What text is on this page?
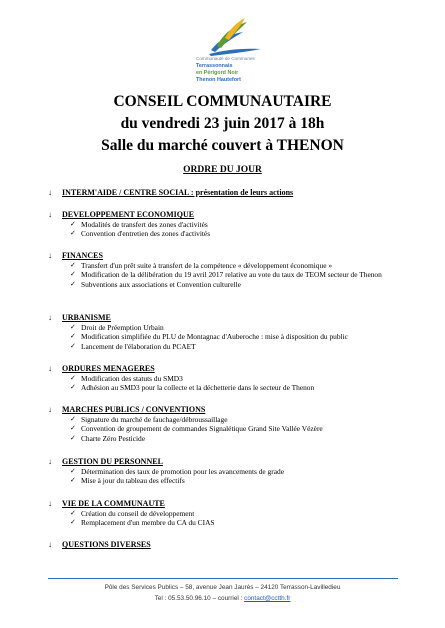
Communauté de Communes
Terrassonnais
en Périgord Noir
Thenon Hautefort
CONSEIL COMMUNAUTAIRE
du vendredi 23 juin 2017 à 18h
Salle du marché couvert à THENON
ORDRE DU JOUR
↓ INTERM'AIDE / CENTRE SOCIAL : présentation de leurs actions
↓ DEVELOPPEMENT ECONOMIQUE
✓ Modalités de transfert des zones d'activités
✓ Convention d'entretien des zones d'activités
↓ FINANCES
✓ Transfert d'un prêt suite à transfert de la compétence « développement économique »
✓ Modification de la délibération du 19 avril 2017 relative au vote du taux de TEOM secteur de Thenon
✓ Subventions aux associations et Convention culturelle
↓ URBANISME
✓ Droit de Préemption Urbain
✓ Modification simplifiée du PLU de Montagnac d'Auberoche : mise à disposition du public
✓ Lancement de l'élaboration du PCAET
↓ ORDURES MENAGERES
✓ Modification des statuts du SMD3
✓ Adhésion au SMD3 pour la collecte et la déchetterie dans le secteur de Thenon
↓ MARCHES PUBLICS / CONVENTIONS
✓ Signature du marché de fauchage/débroussaillage
✓ Convention de groupement de commandes Signalétique Grand Site Vallée Vézère
✓ Charte Zéro Pesticide
↓ GESTION DU PERSONNEL
✓ Détermination des taux de promotion pour les avancements de grade
✓ Mise à jour du tableau des effectifs
↓ VIE DE LA COMMUNAUTE
✓ Création du conseil de développement
✓ Remplacement d'un membre du CA du CIAS
↓ QUESTIONS DIVERSES
Pôle des Services Publics – 58, avenue Jean Jaurès – 24120 Terrasson-Lavilledieu
Tel : 05.53.50.96.10 – courriel : contact@cctth.fr
